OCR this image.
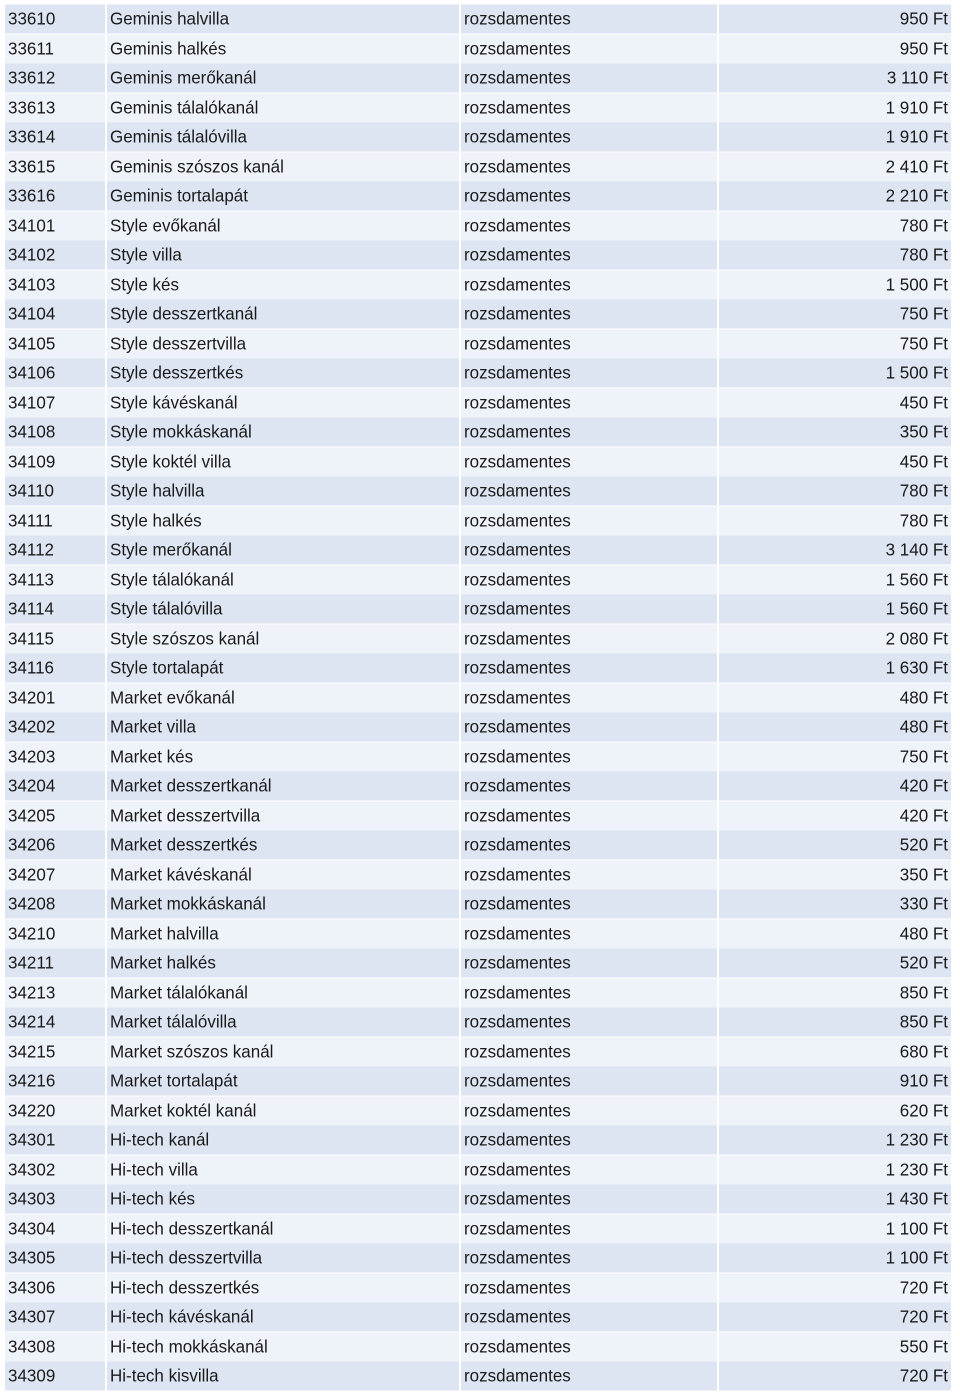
33610	Geminis halvilla	rozsdamentes	950 Ft
33611	Geminis halkés	rozsdamentes	950 Ft
33612	Geminis merőkanál	rozsdamentes	3 110 Ft
33613	Geminis tálalókanál	rozsdamentes	1 910 Ft
33614	Geminis tálalóvilla	rozsdamentes	1 910 Ft
33615	Geminis szószos kanál	rozsdamentes	2 410 Ft
33616	Geminis tortalapát	rozsdamentes	2 210 Ft
34101	Style evőkanál	rozsdamentes	780 Ft
34102	Style villa	rozsdamentes	780 Ft
34103	Style kés	rozsdamentes	1 500 Ft
34104	Style desszertkanál	rozsdamentes	750 Ft
34105	Style desszertvilla	rozsdamentes	750 Ft
34106	Style desszertkés	rozsdamentes	1 500 Ft
34107	Style kávéskanál	rozsdamentes	450 Ft
34108	Style mokkáskanál	rozsdamentes	350 Ft
34109	Style koktél villa	rozsdamentes	450 Ft
34110	Style halvilla	rozsdamentes	780 Ft
34111	Style halkés	rozsdamentes	780 Ft
34112	Style merőkanál	rozsdamentes	3 140 Ft
34113	Style tálalókanál	rozsdamentes	1 560 Ft
34114	Style tálalóvilla	rozsdamentes	1 560 Ft
34115	Style szószos kanál	rozsdamentes	2 080 Ft
34116	Style tortalapát	rozsdamentes	1 630 Ft
34201	Market evőkanál	rozsdamentes	480 Ft
34202	Market villa	rozsdamentes	480 Ft
34203	Market kés	rozsdamentes	750 Ft
34204	Market desszertkanál	rozsdamentes	420 Ft
34205	Market desszertvilla	rozsdamentes	420 Ft
34206	Market desszertkés	rozsdamentes	520 Ft
34207	Market kávéskanál	rozsdamentes	350 Ft
34208	Market mokkáskanál	rozsdamentes	330 Ft
34210	Market halvilla	rozsdamentes	480 Ft
34211	Market halkés	rozsdamentes	520 Ft
34213	Market tálalókanál	rozsdamentes	850 Ft
34214	Market tálalóvilla	rozsdamentes	850 Ft
34215	Market szószos kanál	rozsdamentes	680 Ft
34216	Market tortalapát	rozsdamentes	910 Ft
34220	Market koktél kanál	rozsdamentes	620 Ft
34301	Hi-tech kanál	rozsdamentes	1 230 Ft
34302	Hi-tech villa	rozsdamentes	1 230 Ft
34303	Hi-tech kés	rozsdamentes	1 430 Ft
34304	Hi-tech desszertkanál	rozsdamentes	1 100 Ft
34305	Hi-tech desszertvilla	rozsdamentes	1 100 Ft
34306	Hi-tech desszertkés	rozsdamentes	720 Ft
34307	Hi-tech kávéskanál	rozsdamentes	720 Ft
34308	Hi-tech mokkáskanál	rozsdamentes	550 Ft
34309	Hi-tech kisvilla	rozsdamentes	720 Ft
